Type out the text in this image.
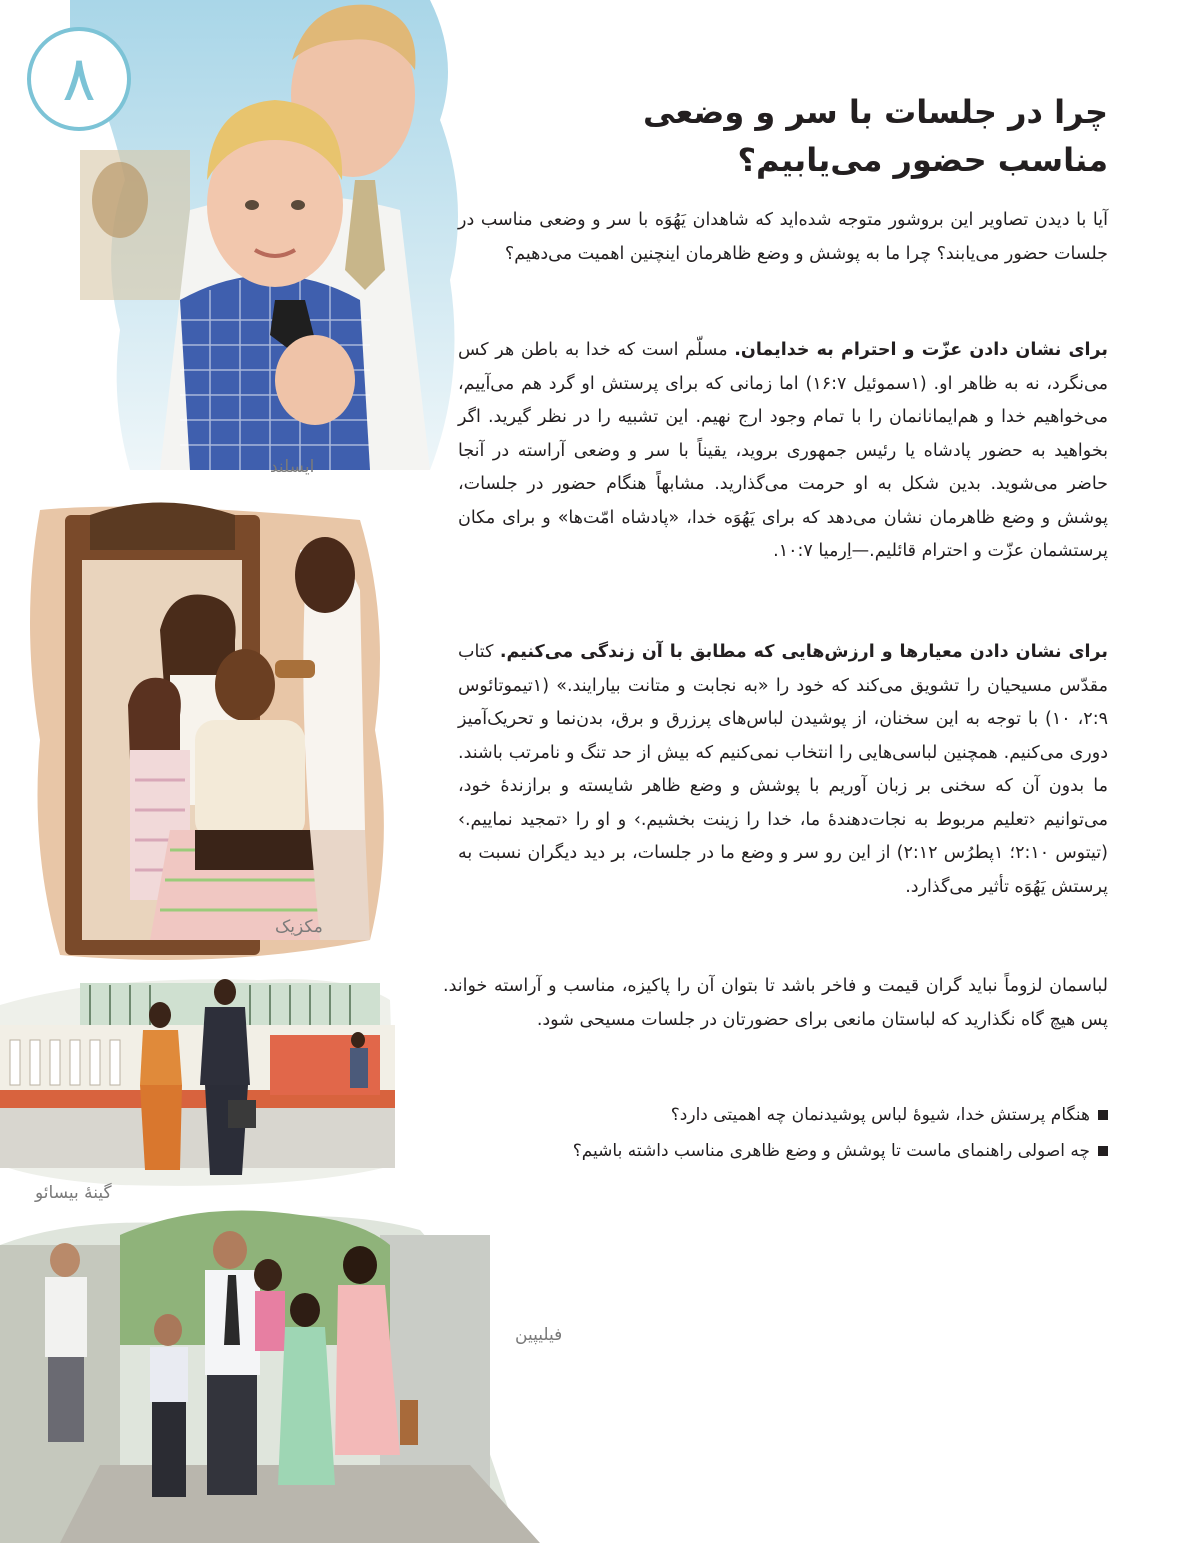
۸
ایسلند
مکزیک
گینهٔ بیسائو
فیلیپین
چرا در جلسات با سر و وضعی مناسب حضور می‌یابیم؟

آیا با دیدن تصاویر این بروشور متوجه شده‌اید که شاهدان یَهُوَه با سر و وضعی مناسب در جلسات حضور می‌یابند؟ چرا ما به پوشش و وضع ظاهرمان اینچنین اهمیت می‌دهیم؟

برای نشان دادن عزّت و احترام به خدایمان. مسلّم است که خدا به باطن هر کس می‌نگرد، نه به ظاهر او. (۱سموئیل ۱۶:۷) اما زمانی که برای پرستش او گرد هم می‌آییم، می‌خواهیم خدا و هم‌ایمانانمان را با تمام وجود ارج نهیم. این تشبیه را در نظر گیرید. اگر بخواهید به حضور پادشاه یا رئیس جمهوری بروید، یقیناً با سر و وضعی آراسته در آنجا حاضر می‌شوید. بدین شکل به او حرمت می‌گذارید. مشابهاً هنگام حضور در جلسات، پوشش و وضع ظاهرمان نشان می‌دهد که برای یَهُوَه خدا، «پادشاه امّت‌ها» و برای مکان پرستشمان عزّت و احترام قائلیم.—اِرمیا ۱۰:۷.

برای نشان دادن معیارها و ارزش‌هایی که مطابق با آن زندگی می‌کنیم. کتاب مقدّس مسیحیان را تشویق می‌کند که خود را «به نجابت و متانت بیارایند.» (۱تیموتائوس ۲:۹، ۱۰) با توجه به این سخنان، از پوشیدن لباس‌های پرزرق و برق، بدن‌نما و تحریک‌آمیز دوری می‌کنیم. همچنین لباسی‌هایی را انتخاب نمی‌کنیم که بیش از حد تنگ و نامرتب باشند. ما بدون آن که سخنی بر زبان آوریم با پوشش و وضع ظاهر شایسته و برازندهٔ خود، می‌توانیم ‹تعلیم مربوط به نجات‌دهندهٔ ما، خدا را زینت بخشیم.› و او را ‹تمجید نماییم.› (تیتوس ۲:۱۰؛ ۱پطرُس ۲:۱۲) از این رو سر و وضع ما در جلسات، بر دید دیگران نسبت به پرستش یَهُوَه تأثیر می‌گذارد.

لباسمان لزوماً نباید گران قیمت و فاخر باشد تا بتوان آن را پاکیزه، مناسب و آراسته خواند. پس هیچ گاه نگذارید که لباستان مانعی برای حضورتان در جلسات مسیحی شود.

هنگام پرستش خدا، شیوهٔ لباس پوشیدنمان چه اهمیتی دارد؟
چه اصولی راهنمای ماست تا پوشش و وضع ظاهری مناسب داشته باشیم؟
